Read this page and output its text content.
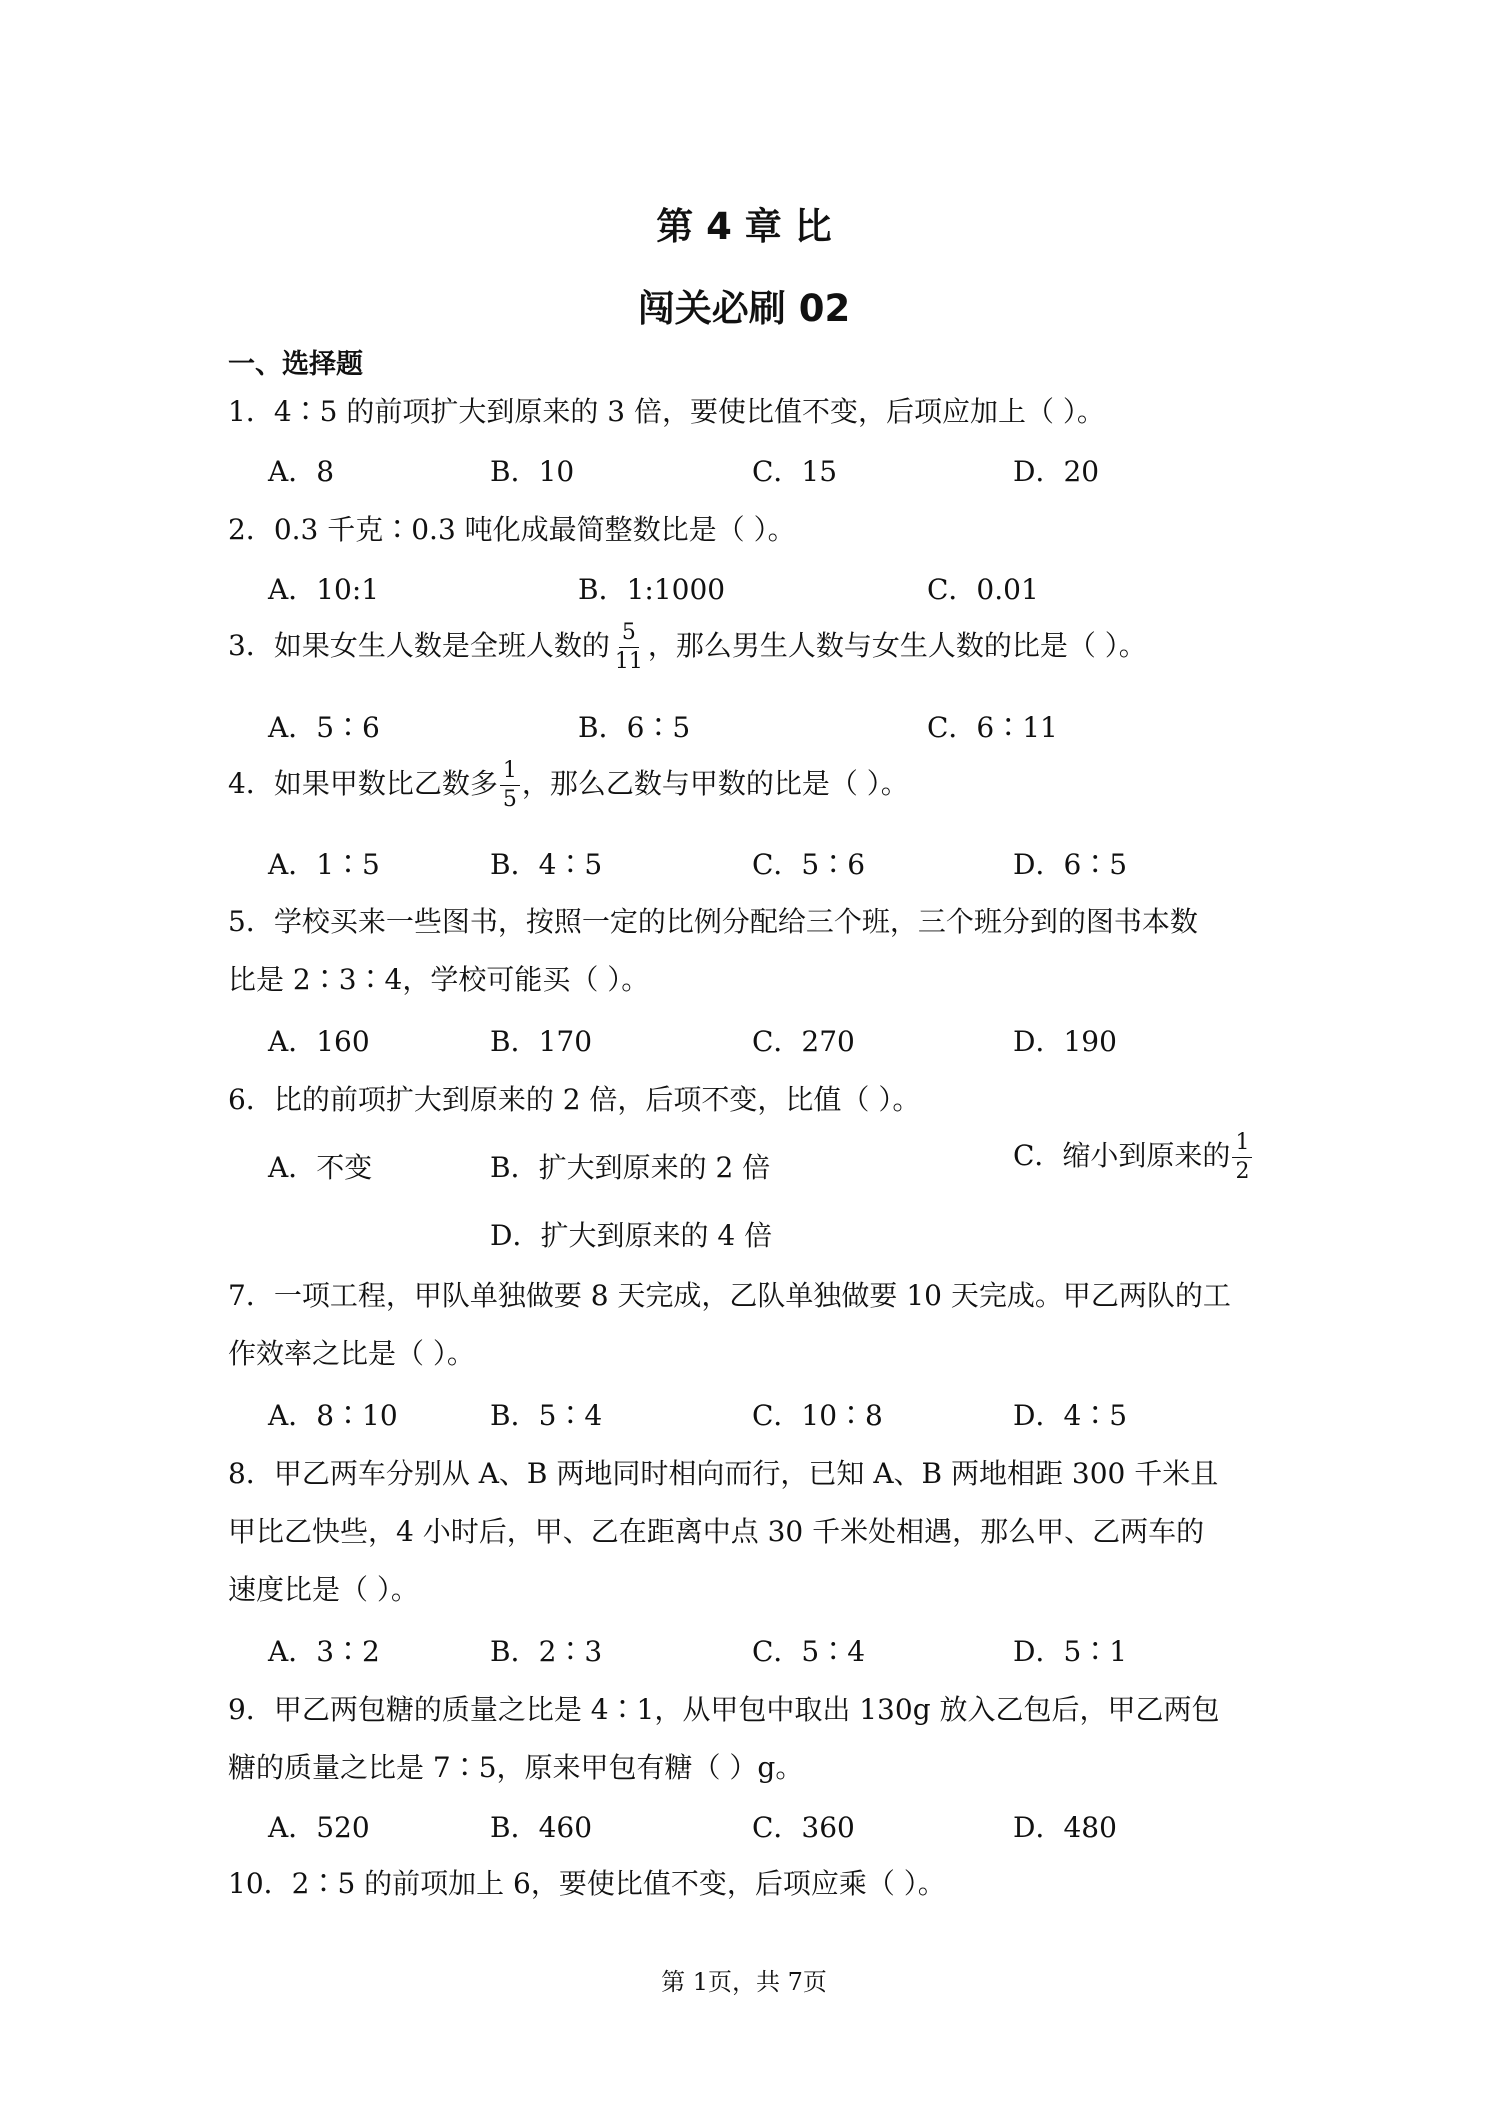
第 4 章 比
闯关必刷 02
一、选择题
1．4∶5 的前项扩大到原来的 3 倍，要使比值不变，后项应加上（ ）。
A．8	B．10	C．15	D．20
2．0.3 千克∶0.3 吨化成最简整数比是（ ）。
A．10:1	B．1:1000	C．0.01
3．如果女生人数是全班人数的 $\frac{5}{11}$ ，那么男生人数与女生人数的比是（ ）。
A．5∶6	B．6∶5	C．6∶11
4．如果甲数比乙数多 $\frac{1}{5}$ ，那么乙数与甲数的比是（ ）。
A．1∶5	B．4∶5	C．5∶6	D．6∶5
5．学校买来一些图书，按照一定的比例分配给三个班，三个班分到的图书本数
比是 2∶3∶4，学校可能买（ ）。
A．160	B．170	C．270	D．190
6．比的前项扩大到原来的 2 倍，后项不变，比值（ ）。
A．不变	B．扩大到原来的 2 倍	C．缩小到原来的 $\frac{1}{2}$
D．扩大到原来的 4 倍
7．一项工程，甲队单独做要 8 天完成，乙队单独做要 10 天完成。甲乙两队的工
作效率之比是（ ）。
A．8∶10	B．5∶4	C．10∶8	D．4∶5
8．甲乙两车分别从 A、B 两地同时相向而行，已知 A、B 两地相距 300 千米且
甲比乙快些，4 小时后，甲、乙在距离中点 30 千米处相遇，那么甲、乙两车的
速度比是（ ）。
A．3∶2	B．2∶3	C．5∶4	D．5∶1
9．甲乙两包糖的质量之比是 4∶1，从甲包中取出 130g 放入乙包后，甲乙两包
糖的质量之比是 7∶5，原来甲包有糖（ ）g。
A．520	B．460	C．360	D．480
10．2∶5 的前项加上 6，要使比值不变，后项应乘（ ）。
第 1页，共 7页
